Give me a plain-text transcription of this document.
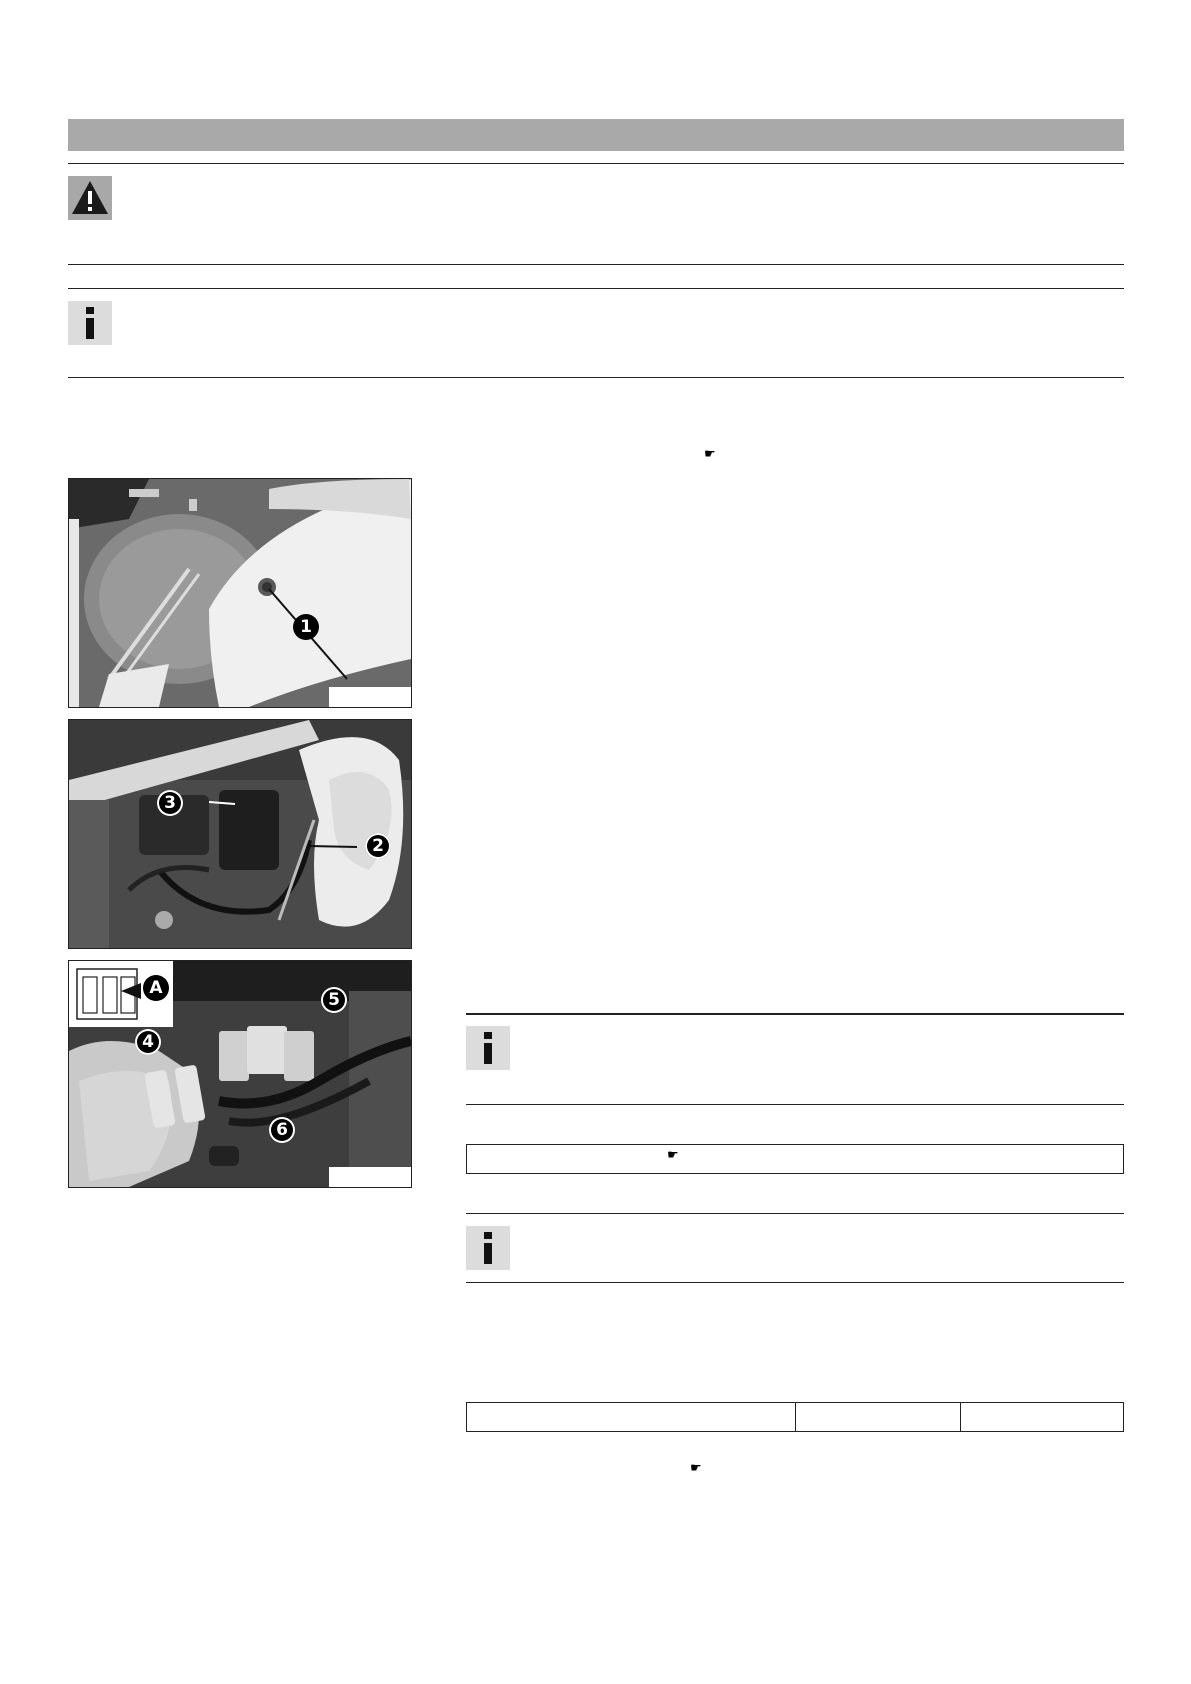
☛
1
3
2
A
4
5
6
☛
☛
